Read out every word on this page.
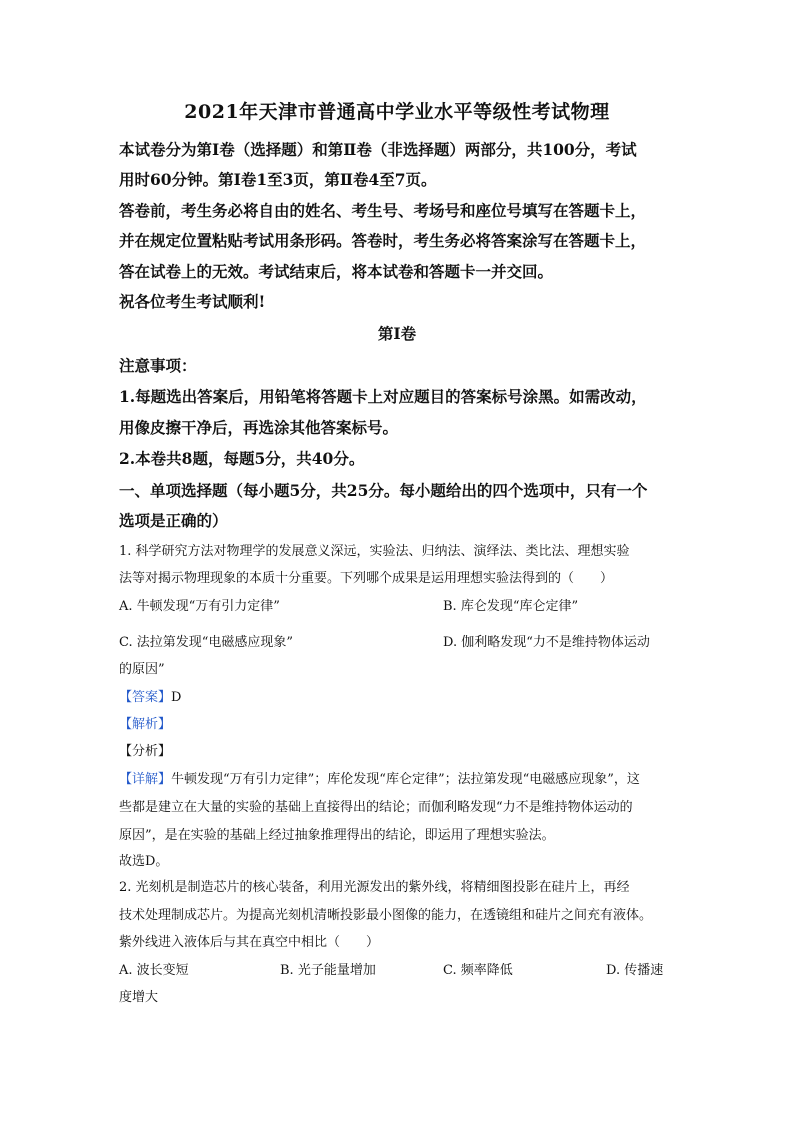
2021年天津市普通高中学业水平等级性考试物理
本试卷分为第Ⅰ卷（选择题）和第Ⅱ卷（非选择题）两部分，共100分，考试
用时60分钟。第Ⅰ卷1至3页，第Ⅱ卷4至7页。
答卷前，考生务必将自由的姓名、考生号、考场号和座位号填写在答题卡上，
并在规定位置粘贴考试用条形码。答卷时，考生务必将答案涂写在答题卡上，
答在试卷上的无效。考试结束后，将本试卷和答题卡一并交回。
祝各位考生考试顺利!
第Ⅰ卷
注意事项：
1.每题选出答案后，用铅笔将答题卡上对应题目的答案标号涂黑。如需改动，
用像皮擦干净后，再选涂其他答案标号。
2.本卷共8题，每题5分，共40分。
一、单项选择题（每小题5分，共25分。每小题给出的四个选项中，只有一个
选项是正确的）
1. 科学研究方法对物理学的发展意义深远，实验法、归纳法、演绎法、类比法、理想实验
法等对揭示物理现象的本质十分重要。下列哪个成果是运用理想实验法得到的（　　）
A. 牛顿发现“万有引力定律”	B. 库仑发现“库仑定律”
C. 法拉第发现“电磁感应现象”	D. 伽利略发现“力不是维持物体运动
的原因”
【答案】D
【解析】
【分析】
【详解】牛顿发现“万有引力定律”；库伦发现“库仑定律”；法拉第发现“电磁感应现象”，这
些都是建立在大量的实验的基础上直接得出的结论；而伽利略发现“力不是维持物体运动的
原因”，是在实验的基础上经过抽象推理得出的结论，即运用了理想实验法。
故选D。
2. 光刻机是制造芯片的核心装备，利用光源发出的紫外线，将精细图投影在硅片上，再经
技术处理制成芯片。为提高光刻机清晰投影最小图像的能力，在透镜组和硅片之间充有液体。
紫外线进入液体后与其在真空中相比（　　）
A. 波长变短	B. 光子能量增加	C. 频率降低	D. 传播速
度增大
